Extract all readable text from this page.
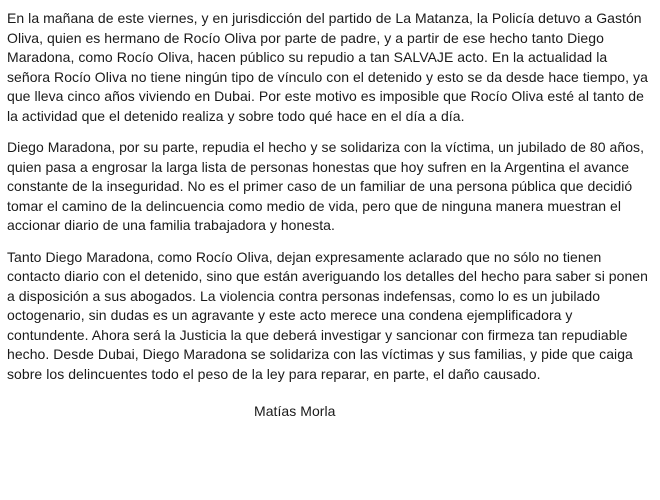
En la mañana de este viernes, y en jurisdicción del partido de La Matanza, la Policía detuvo a Gastón Oliva, quien es hermano de Rocío Oliva por parte de padre, y a partir de ese hecho tanto Diego Maradona, como Rocío Oliva, hacen público su repudio a tan SALVAJE acto. En la actualidad la señora Rocío Oliva no tiene ningún tipo de vínculo con el detenido y esto se da desde hace tiempo, ya que lleva cinco años viviendo en Dubai. Por este motivo es imposible que Rocío Oliva esté al tanto de la actividad que el detenido realiza y sobre todo qué hace en el día a día.

Diego Maradona, por su parte, repudia el hecho y se solidariza con la víctima, un jubilado de 80 años, quien pasa a engrosar la larga lista de personas honestas que hoy sufren en la Argentina el avance constante de la inseguridad. No es el primer caso de un familiar de una persona pública que decidió tomar el camino de la delincuencia como medio de vida, pero que de ninguna manera muestran el accionar diario de una familia trabajadora y honesta.

Tanto Diego Maradona, como Rocío Oliva, dejan expresamente aclarado que no sólo no tienen contacto diario con el detenido, sino que están averiguando los detalles del hecho para saber si ponen a disposición a sus abogados. La violencia contra personas indefensas, como lo es un jubilado octogenario, sin dudas es un agravante y este acto merece una condena ejemplificadora y contundente. Ahora será la Justicia la que deberá investigar y sancionar con firmeza tan repudiable hecho. Desde Dubai, Diego Maradona se solidariza con las víctimas y sus familias, y pide que caiga sobre los delincuentes todo el peso de la ley para reparar, en parte, el daño causado.

Matías Morla
